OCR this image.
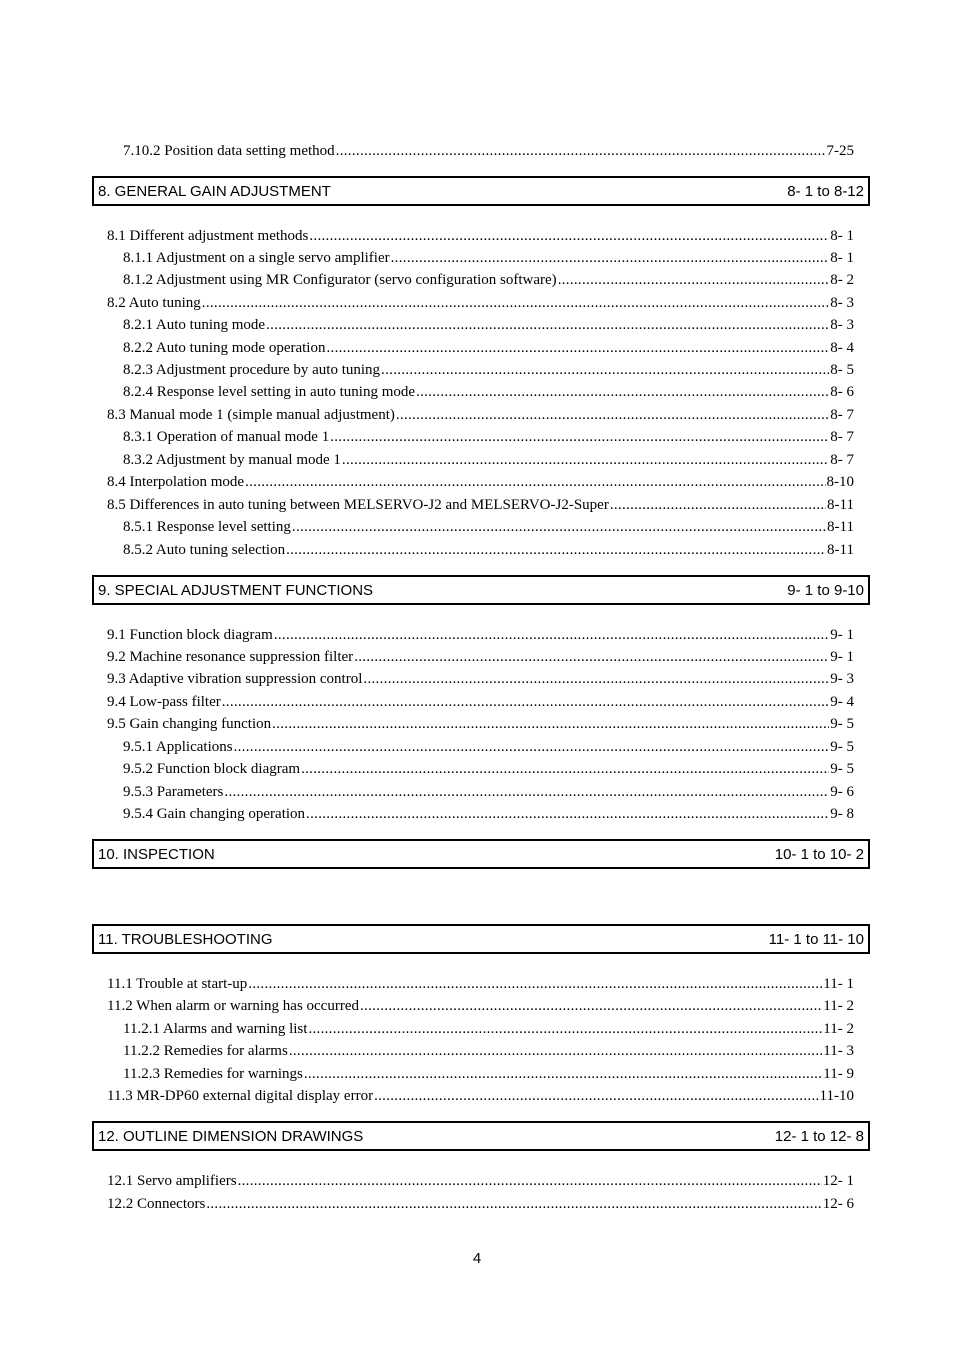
7.10.2 Position data setting method .....	7-25
8. GENERAL GAIN ADJUSTMENT	8- 1 to 8-12
8.1 Different adjustment methods .....	8- 1
8.1.1 Adjustment on a single servo amplifier .....	8- 1
8.1.2 Adjustment using MR Configurator (servo configuration software) .....	8- 2
8.2 Auto tuning .....	8- 3
8.2.1 Auto tuning mode .....	8- 3
8.2.2 Auto tuning mode operation .....	8- 4
8.2.3 Adjustment procedure by auto tuning .....	8- 5
8.2.4 Response level setting in auto tuning mode .....	8- 6
8.3 Manual mode 1 (simple manual adjustment) .....	8- 7
8.3.1 Operation of manual mode 1 .....	8- 7
8.3.2 Adjustment by manual mode 1 .....	8- 7
8.4 Interpolation mode .....	8-10
8.5 Differences in auto tuning between MELSERVO-J2 and MELSERVO-J2-Super .....	8-11
8.5.1 Response level setting .....	8-11
8.5.2 Auto tuning selection .....	8-11
9. SPECIAL ADJUSTMENT FUNCTIONS	9- 1 to 9-10
9.1 Function block diagram .....	9- 1
9.2 Machine resonance suppression filter .....	9- 1
9.3 Adaptive vibration suppression control .....	9- 3
9.4 Low-pass filter .....	9- 4
9.5 Gain changing function .....	9- 5
9.5.1 Applications .....	9- 5
9.5.2 Function block diagram .....	9- 5
9.5.3 Parameters .....	9- 6
9.5.4 Gain changing operation .....	9- 8
10. INSPECTION	10- 1 to 10- 2
11. TROUBLESHOOTING	11- 1 to 11- 10
11.1 Trouble at start-up .....	11- 1
11.2 When alarm or warning has occurred .....	11- 2
11.2.1 Alarms and warning list .....	11- 2
11.2.2 Remedies for alarms .....	11- 3
11.2.3 Remedies for warnings .....	11- 9
11.3 MR-DP60 external digital display error .....	11-10
12. OUTLINE DIMENSION DRAWINGS	12- 1 to 12- 8
12.1 Servo amplifiers .....	12- 1
12.2 Connectors .....	12- 6
4
